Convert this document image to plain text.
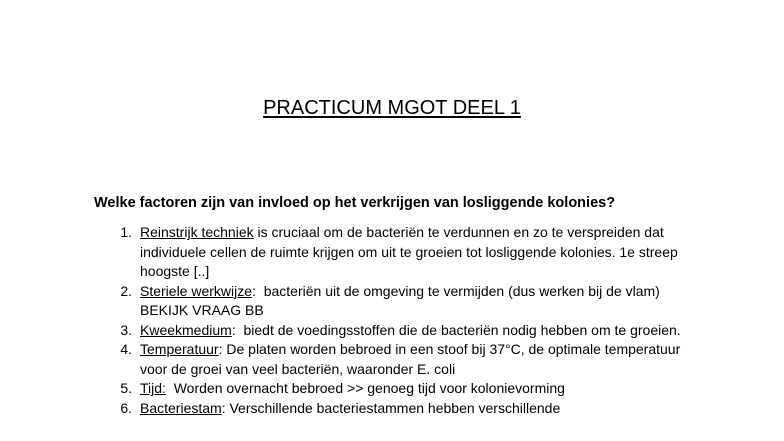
PRACTICUM MGOT DEEL 1
Welke factoren zijn van invloed op het verkrijgen van losliggende kolonies?
1. Reinstrijk techniek is cruciaal om de bacteriën te verdunnen en zo te verspreiden dat individuele cellen de ruimte krijgen om uit te groeien tot losliggende kolonies. 1e streep hoogste [..]
2. Steriele werkwijze:  bacteriën uit de omgeving te vermijden (dus werken bij de vlam) BEKIJK VRAAG BB
3. Kweekmedium:  biedt de voedingsstoffen die de bacteriën nodig hebben om te groeien.
4. Temperatuur: De platen worden bebroed in een stoof bij 37°C, de optimale temperatuur voor de groei van veel bacteriën, waaronder E. coli
5. Tijd: Worden overnacht bebroed >> genoeg tijd voor kolonievorming
6. Bacteriestam: Verschillende bacteriestammen hebben verschillende
